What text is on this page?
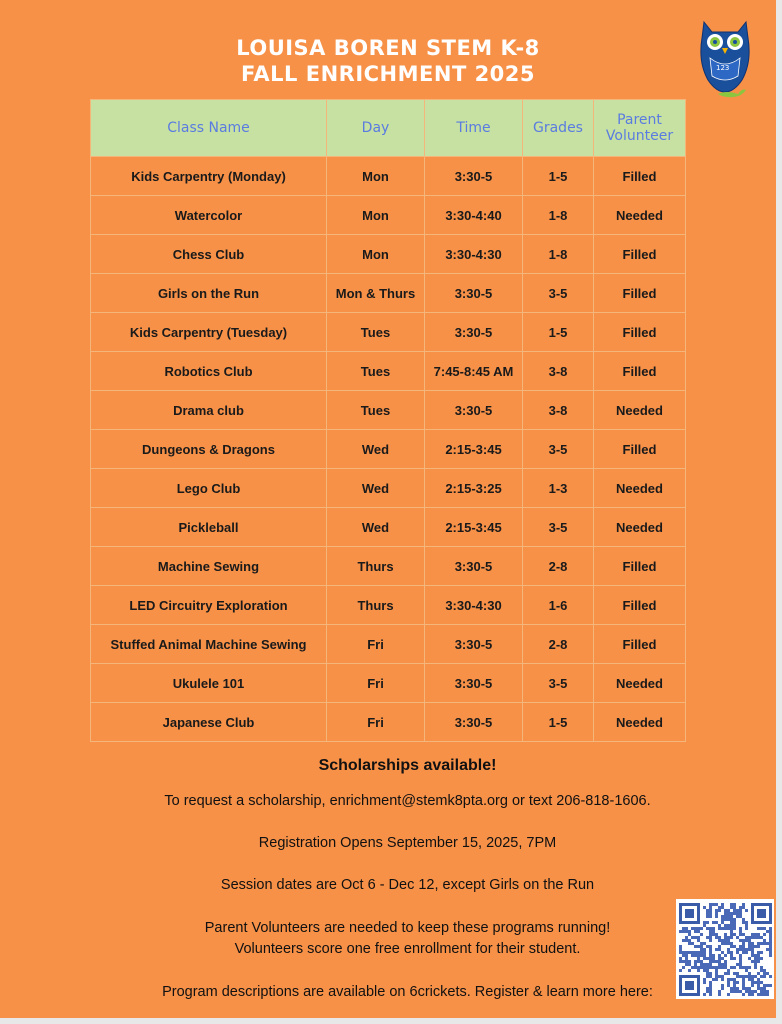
LOUISA BOREN STEM K-8
FALL ENRICHMENT 2025	123
Class Name	Day	Time	Grades	Parent Volunteer
Kids Carpentry (Monday)	Mon	3:30-5	1-5	Filled
Watercolor	Mon	3:30-4:40	1-8	Needed
Chess Club	Mon	3:30-4:30	1-8	Filled
Girls on the Run	Mon & Thurs	3:30-5	3-5	Filled
Kids Carpentry (Tuesday)	Tues	3:30-5	1-5	Filled
Robotics Club	Tues	7:45-8:45 AM	3-8	Filled
Drama club	Tues	3:30-5	3-8	Needed
Dungeons & Dragons	Wed	2:15-3:45	3-5	Filled
Lego Club	Wed	2:15-3:25	1-3	Needed
Pickleball	Wed	2:15-3:45	3-5	Needed
Machine Sewing	Thurs	3:30-5	2-8	Filled
LED Circuitry Exploration	Thurs	3:30-4:30	1-6	Filled
Stuffed Animal Machine Sewing	Fri	3:30-5	2-8	Filled
Ukulele 101	Fri	3:30-5	3-5	Needed
Japanese Club	Fri	3:30-5	1-5	Needed
Scholarships available!
To request a scholarship, enrichment@stemk8pta.org or text 206-818-1606.
Registration Opens September 15, 2025, 7PM
Session dates are Oct 6 - Dec 12, except Girls on the Run
Parent Volunteers are needed to keep these programs running!
Volunteers score one free enrollment for their student.
Program descriptions are available on 6crickets. Register & learn more here:
